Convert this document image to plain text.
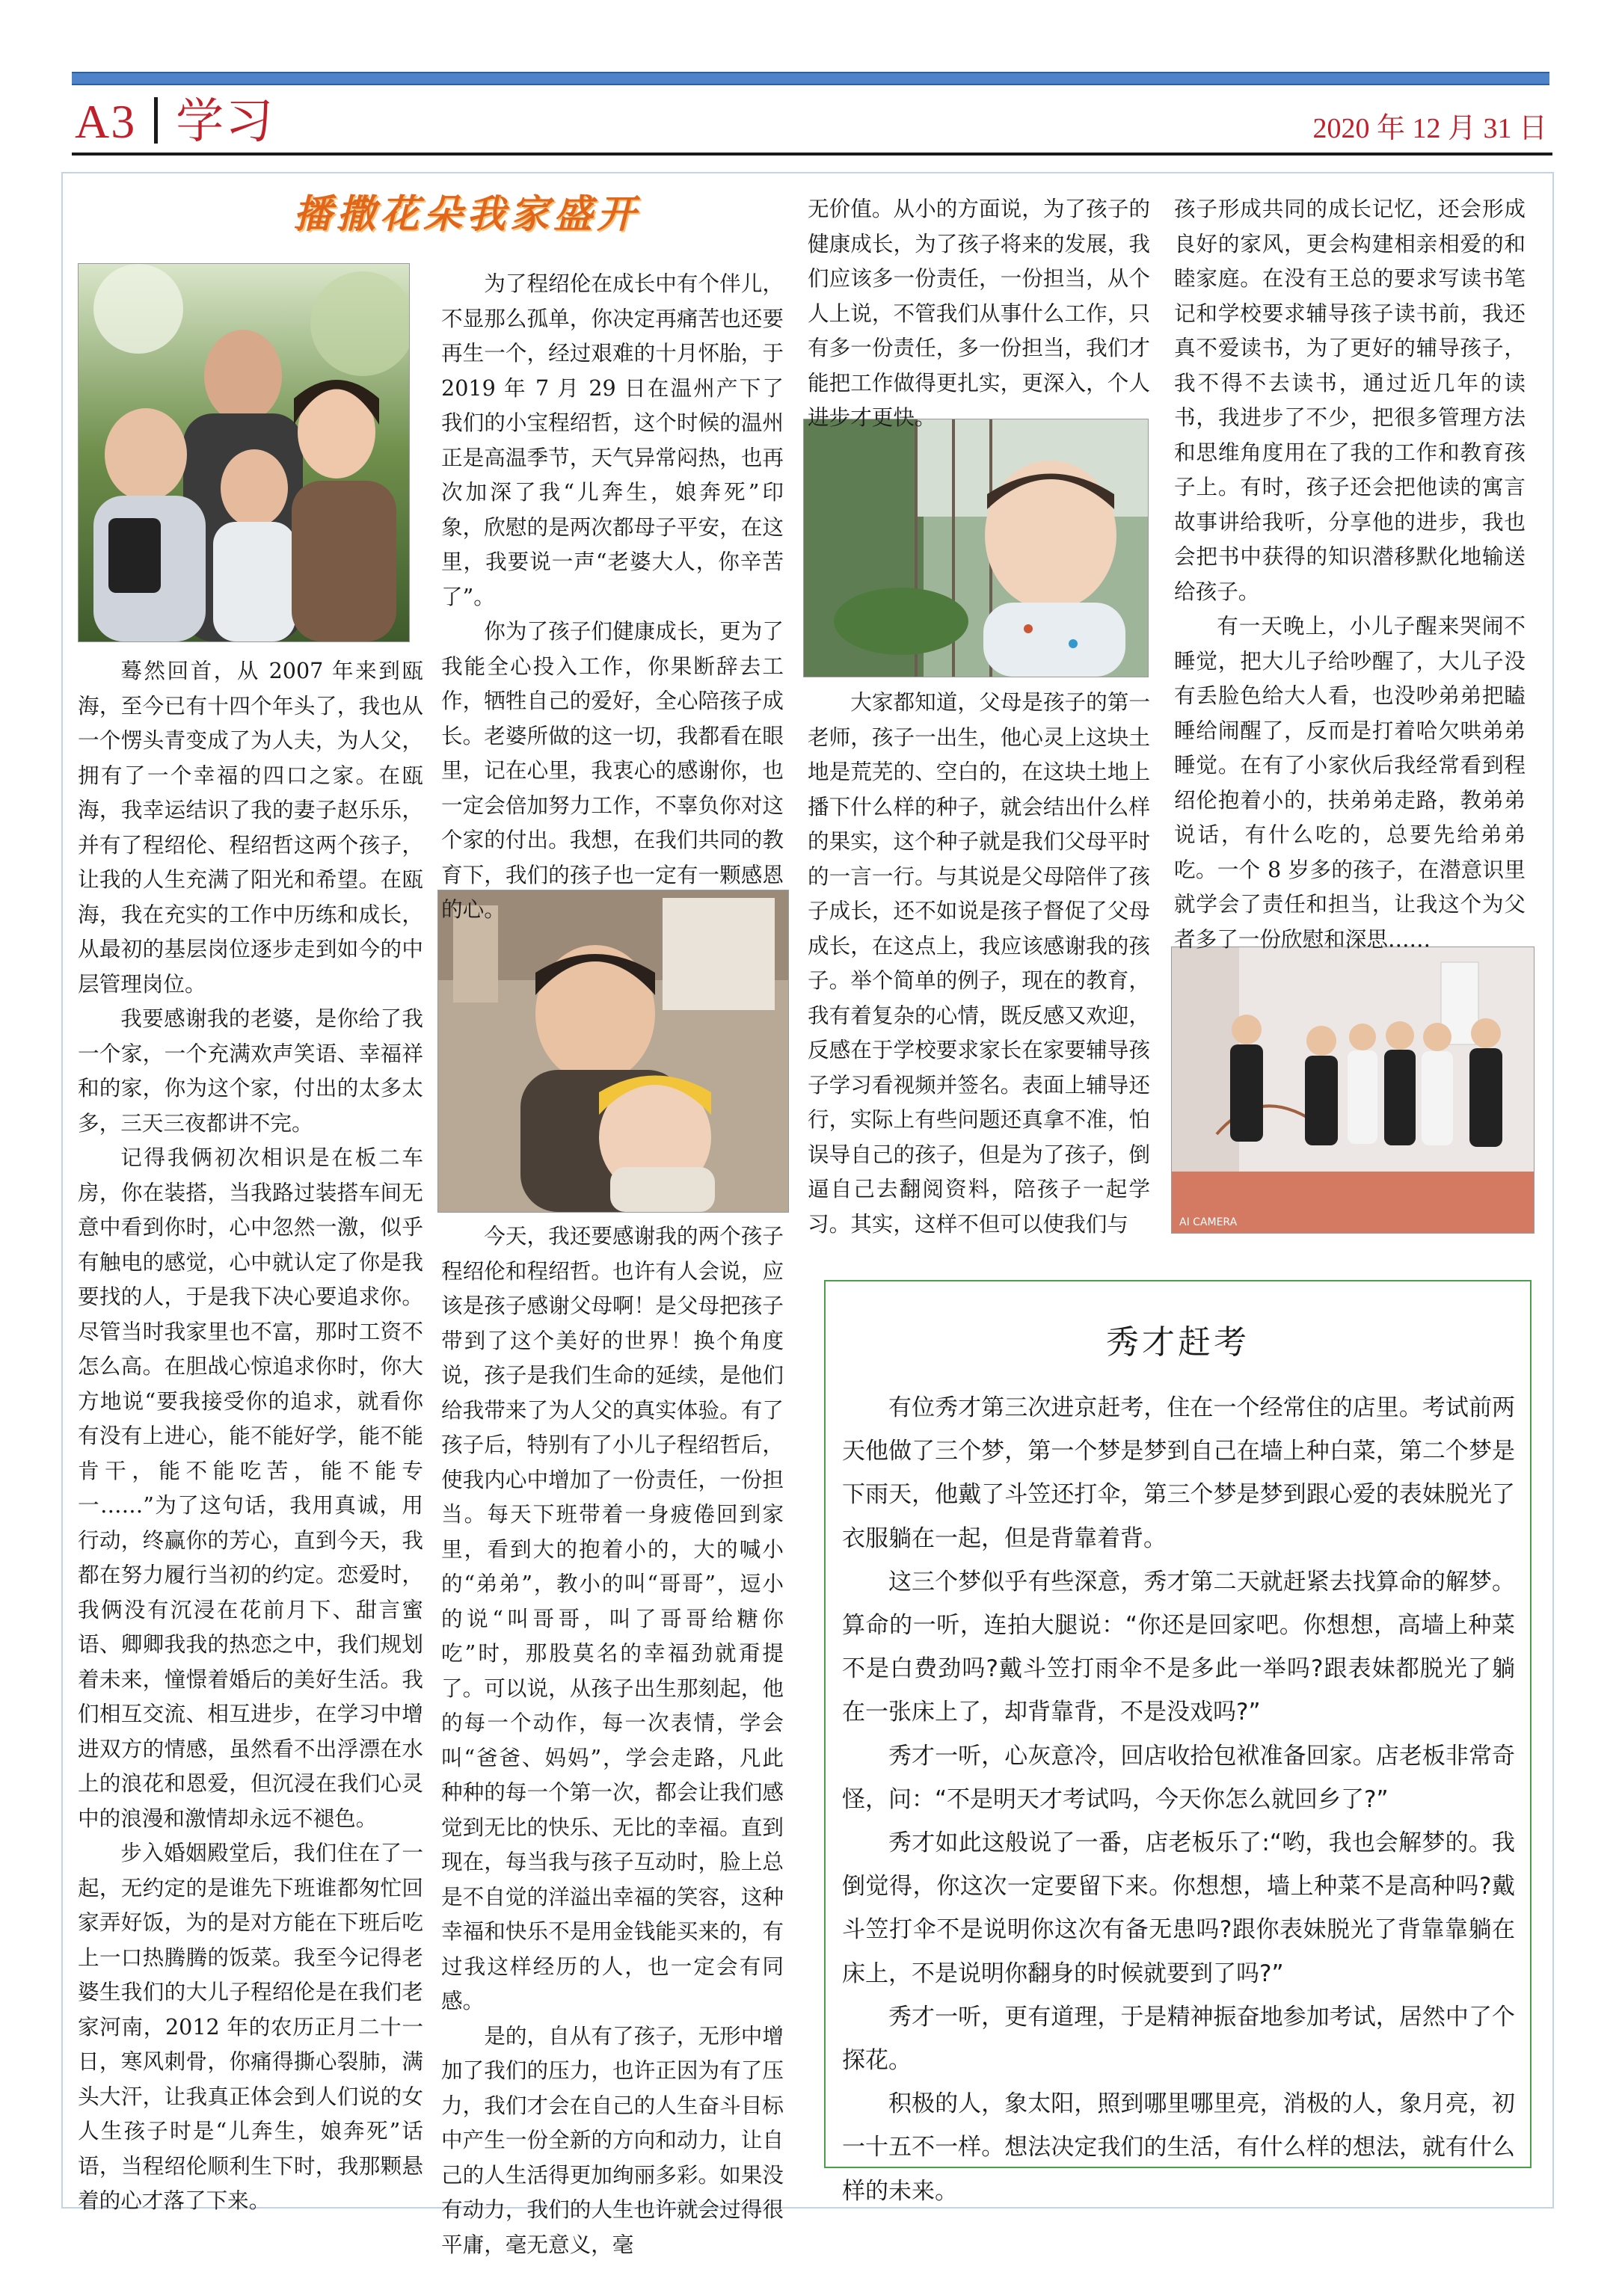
A3 学习	2020 年 12 月 31 日
播撒花朵我家盛开
AI CAMERA

蓦然回首，从 2007 年来到瓯海，至今已有十四个年头了，我也从一个愣头青变成了为人夫，为人父，拥有了一个幸福的四口之家。在瓯海，我幸运结识了我的妻子赵乐乐，并有了程绍伦、程绍哲这两个孩子，让我的人生充满了阳光和希望。在瓯海，我在充实的工作中历练和成长，从最初的基层岗位逐步走到如今的中层管理岗位。

我要感谢我的老婆，是你给了我一个家，一个充满欢声笑语、幸福祥和的家，你为这个家，付出的太多太多，三天三夜都讲不完。

记得我俩初次相识是在板二车房，你在装搭，当我路过装搭车间无意中看到你时，心中忽然一激，似乎有触电的感觉，心中就认定了你是我要找的人，于是我下决心要追求你。尽管当时我家里也不富，那时工资不怎么高。在胆战心惊追求你时，你大方地说“要我接受你的追求，就看你有没有上进心，能不能好学，能不能肯干，能不能吃苦，能不能专一……”为了这句话，我用真诚，用行动，终赢你的芳心，直到今天，我都在努力履行当初的约定。恋爱时，我俩没有沉浸在花前月下、甜言蜜语、卿卿我我的热恋之中，我们规划着未来，憧憬着婚后的美好生活。我们相互交流、相互进步，在学习中增进双方的情感，虽然看不出浮漂在水上的浪花和恩爱，但沉浸在我们心灵中的浪漫和激情却永远不褪色。

步入婚姻殿堂后，我们住在了一起，无约定的是谁先下班谁都匆忙回家弄好饭，为的是对方能在下班后吃上一口热腾腾的饭菜。我至今记得老婆生我们的大儿子程绍伦是在我们老家河南，2012 年的农历正月二十一日，寒风刺骨，你痛得撕心裂肺，满头大汗，让我真正体会到人们说的女人生孩子时是“儿奔生，娘奔死”话语，当程绍伦顺利生下时，我那颗悬着的心才落了下来。

为了程绍伦在成长中有个伴儿，不显那么孤单，你决定再痛苦也还要再生一个，经过艰难的十月怀胎，于 2019 年 7 月 29 日在温州产下了我们的小宝程绍哲，这个时候的温州正是高温季节，天气异常闷热，也再次加深了我“儿奔生，娘奔死”印象，欣慰的是两次都母子平安，在这里，我要说一声“老婆大人，你辛苦了”。

你为了孩子们健康成长，更为了我能全心投入工作，你果断辞去工作，牺牲自己的爱好，全心陪孩子成长。老婆所做的这一切，我都看在眼里，记在心里，我衷心的感谢你，也一定会倍加努力工作，不辜负你对这个家的付出。我想，在我们共同的教育下，我们的孩子也一定有一颗感恩的心。

今天，我还要感谢我的两个孩子程绍伦和程绍哲。也许有人会说，应该是孩子感谢父母啊！是父母把孩子带到了这个美好的世界！换个角度说，孩子是我们生命的延续，是他们给我带来了为人父的真实体验。有了孩子后，特别有了小儿子程绍哲后，使我内心中增加了一份责任，一份担当。每天下班带着一身疲倦回到家里，看到大的抱着小的，大的喊小的“弟弟”，教小的叫“哥哥”，逗小的说“叫哥哥，叫了哥哥给糖你吃”时，那股莫名的幸福劲就甭提了。可以说，从孩子出生那刻起，他的每一个动作，每一次表情，学会叫“爸爸、妈妈”，学会走路，凡此种种的每一个第一次，都会让我们感觉到无比的快乐、无比的幸福。直到现在，每当我与孩子互动时，脸上总是不自觉的洋溢出幸福的笑容，这种幸福和快乐不是用金钱能买来的，有过我这样经历的人，也一定会有同感。

是的，自从有了孩子，无形中增加了我们的压力，也许正因为有了压力，我们才会在自己的人生奋斗目标中产生一份全新的方向和动力，让自己的人生活得更加绚丽多彩。如果没有动力，我们的人生也许就会过得很平庸，毫无意义，毫

无价值。从小的方面说，为了孩子的健康成长，为了孩子将来的发展，我们应该多一份责任，一份担当，从个人上说，不管我们从事什么工作，只有多一份责任，多一份担当，我们才能把工作做得更扎实，更深入，个人进步才更快。

大家都知道，父母是孩子的第一老师，孩子一出生，他心灵上这块土地是荒芜的、空白的，在这块土地上播下什么样的种子，就会结出什么样的果实，这个种子就是我们父母平时的一言一行。与其说是父母陪伴了孩子成长，还不如说是孩子督促了父母成长，在这点上，我应该感谢我的孩子。举个简单的例子，现在的教育，我有着复杂的心情，既反感又欢迎，反感在于学校要求家长在家要辅导孩子学习看视频并签名。表面上辅导还行，实际上有些问题还真拿不准，怕误导自己的孩子，但是为了孩子，倒逼自己去翻阅资料，陪孩子一起学习。其实，这样不但可以使我们与

孩子形成共同的成长记忆，还会形成良好的家风，更会构建相亲相爱的和睦家庭。在没有王总的要求写读书笔记和学校要求辅导孩子读书前，我还真不爱读书，为了更好的辅导孩子，我不得不去读书，通过近几年的读书，我进步了不少，把很多管理方法和思维角度用在了我的工作和教育孩子上。有时，孩子还会把他读的寓言故事讲给我听，分享他的进步，我也会把书中获得的知识潜移默化地输送给孩子。

有一天晚上，小儿子醒来哭闹不睡觉，把大儿子给吵醒了，大儿子没有丢脸色给大人看，也没吵弟弟把瞌睡给闹醒了，反而是打着哈欠哄弟弟睡觉。在有了小家伙后我经常看到程绍伦抱着小的，扶弟弟走路，教弟弟说话，有什么吃的，总要先给弟弟吃。一个 8 岁多的孩子，在潜意识里就学会了责任和担当，让我这个为父者多了一份欣慰和深思……

秀才赶考

有位秀才第三次进京赶考，住在一个经常住的店里。考试前两天他做了三个梦，第一个梦是梦到自己在墙上种白菜，第二个梦是下雨天，他戴了斗笠还打伞，第三个梦是梦到跟心爱的表妹脱光了衣服躺在一起，但是背靠着背。

这三个梦似乎有些深意，秀才第二天就赶紧去找算命的解梦。算命的一听，连拍大腿说：“你还是回家吧。你想想，高墙上种菜不是白费劲吗?戴斗笠打雨伞不是多此一举吗?跟表妹都脱光了躺在一张床上了，却背靠背，不是没戏吗?”

秀才一听，心灰意冷，回店收拾包袱准备回家。店老板非常奇怪，问：“不是明天才考试吗，今天你怎么就回乡了?”

秀才如此这般说了一番，店老板乐了:“哟，我也会解梦的。我倒觉得，你这次一定要留下来。你想想，墙上种菜不是高种吗?戴斗笠打伞不是说明你这次有备无患吗?跟你表妹脱光了背靠靠躺在床上，不是说明你翻身的时候就要到了吗?”

秀才一听，更有道理，于是精神振奋地参加考试，居然中了个探花。

积极的人，象太阳，照到哪里哪里亮，消极的人，象月亮，初一十五不一样。想法决定我们的生活，有什么样的想法，就有什么样的未来。
